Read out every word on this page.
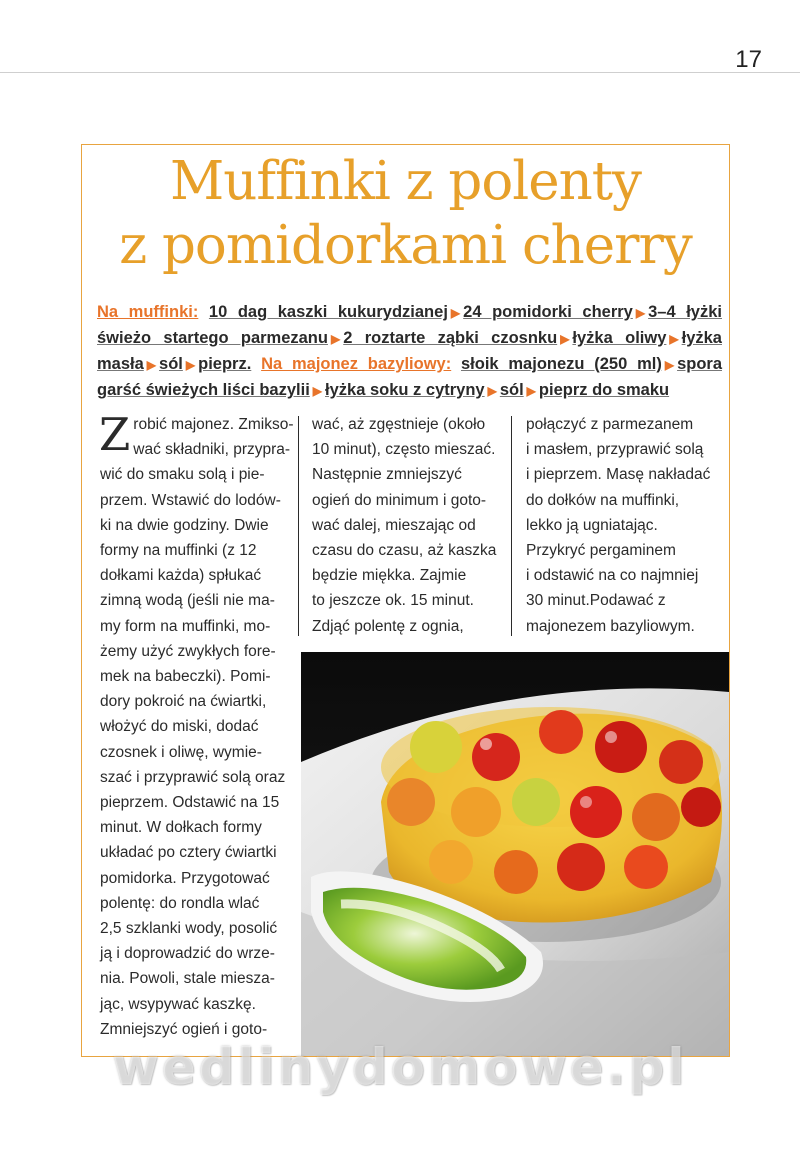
17
Muffinki z polenty
z pomidorkami cherry

Na muffinki: 10 dag kaszki kukurydzianej ▶ 24 pomidorki cherry ▶ 3–4 łyżki świeżo startego parmezanu ▶ 2 roztarte ząbki czosnku ▶ łyżka oliwy ▶ łyżka masła ▶ sól ▶ pieprz. Na majonez bazyliowy: słoik majonezu (250 ml) ▶ spora garść świeżych liści bazylii ▶ łyżka soku z cytryny ▶ sól ▶ pieprz do smaku

Z robić majonez. Zmikso-
wać składniki, przypra-
wić do smaku solą i pie-
przem. Wstawić do lodów-
ki na dwie godziny. Dwie
formy na muffinki (z 12
dołkami każda) spłukać
zimną wodą (jeśli nie ma-
my form na muffinki, mo-
żemy użyć zwykłych fore-
mek na babeczki). Pomi-
dory pokroić na ćwiartki,
włożyć do miski, dodać
czosnek i oliwę, wymie-
szać i przyprawić solą oraz
pieprzem. Odstawić na 15
minut. W dołkach formy
układać po cztery ćwiartki
pomidorka. Przygotować
polentę: do rondla wlać
2,5 szklanki wody, posolić
ją i doprowadzić do wrze-
nia. Powoli, stale miesza-
jąc, wsypywać kaszkę.
Zmniejszyć ogień i goto-
wać, aż zgęstnieje (około
10 minut), często mieszać.
Następnie zmniejszyć
ogień do minimum i goto-
wać dalej, mieszając od
czasu do czasu, aż kaszka
będzie miękka. Zajmie
to jeszcze ok. 15 minut.
Zdjąć polentę z ognia,
połączyć z parmezanem
i masłem, przyprawić solą
i pieprzem. Masę nakładać
do dołków na muffinki,
lekko ją ugniatając.
Przykryć pergaminem
i odstawić na co najmniej
30 minut.Podawać z
majonezem bazyliowym.
wedlinydomowe.pl
